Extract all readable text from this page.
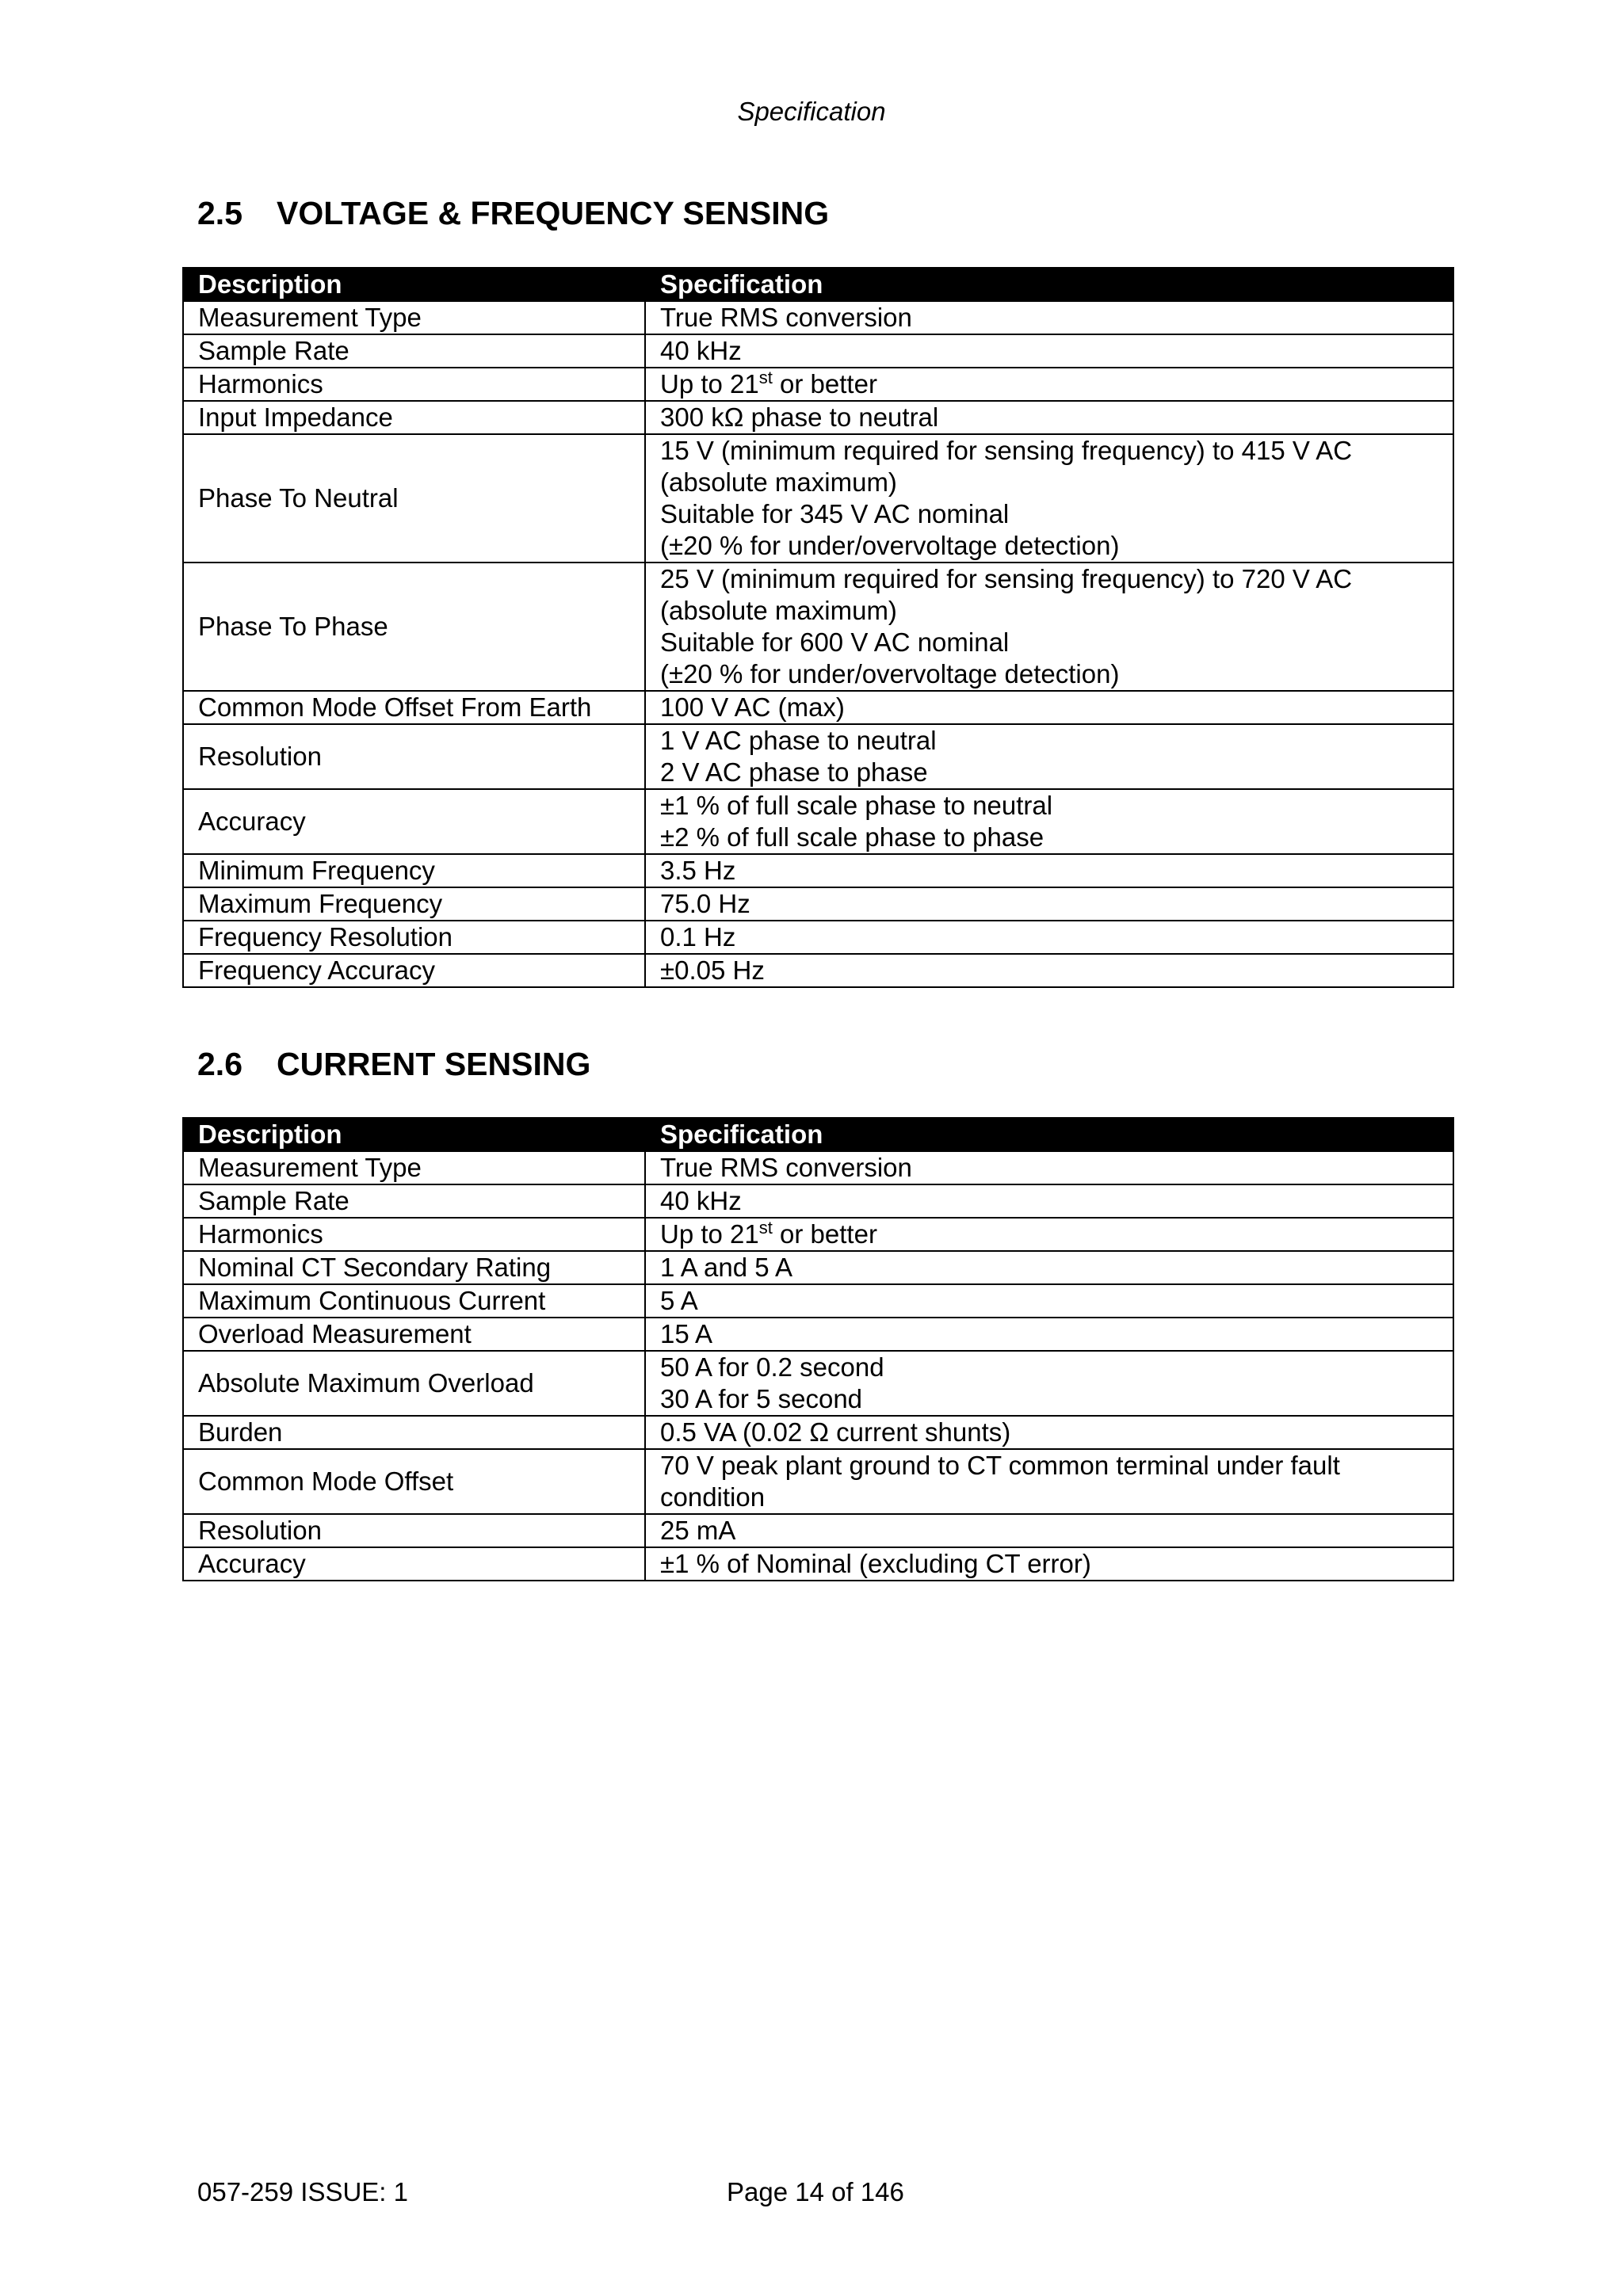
Specification
2.5 VOLTAGE & FREQUENCY SENSING
Description	Specification
Measurement Type	True RMS conversion

Sample Rate	40 kHz

Harmonics	Up to 21st or better

Input Impedance	300 kΩ phase to neutral

Phase To Neutral	15 V (minimum required for sensing frequency) to 415 V AC
(absolute maximum)
Suitable for 345 V AC nominal
(±20 % for under/overvoltage detection)

Phase To Phase	25 V (minimum required for sensing frequency) to 720 V AC
(absolute maximum)
Suitable for 600 V AC nominal
(±20 % for under/overvoltage detection)

Common Mode Offset From Earth	100 V AC (max)

Resolution	1 V AC phase to neutral
2 V AC phase to phase

Accuracy	±1 % of full scale phase to neutral
±2 % of full scale phase to phase

Minimum Frequency	3.5 Hz

Maximum Frequency	75.0 Hz

Frequency Resolution	0.1 Hz

Frequency Accuracy	±0.05 Hz
2.6 CURRENT SENSING
Description	Specification
Measurement Type	True RMS conversion

Sample Rate	40 kHz

Harmonics	Up to 21st or better

Nominal CT Secondary Rating	1 A and 5 A

Maximum Continuous Current	5 A

Overload Measurement	15 A

Absolute Maximum Overload	50 A for 0.2 second
30 A for 5 second

Burden	0.5 VA (0.02 Ω current shunts)

Common Mode Offset	70 V peak plant ground to CT common terminal under fault
condition

Resolution	25 mA

Accuracy	±1 % of Nominal (excluding CT error)
057-259 ISSUE: 1	Page 14 of 146
